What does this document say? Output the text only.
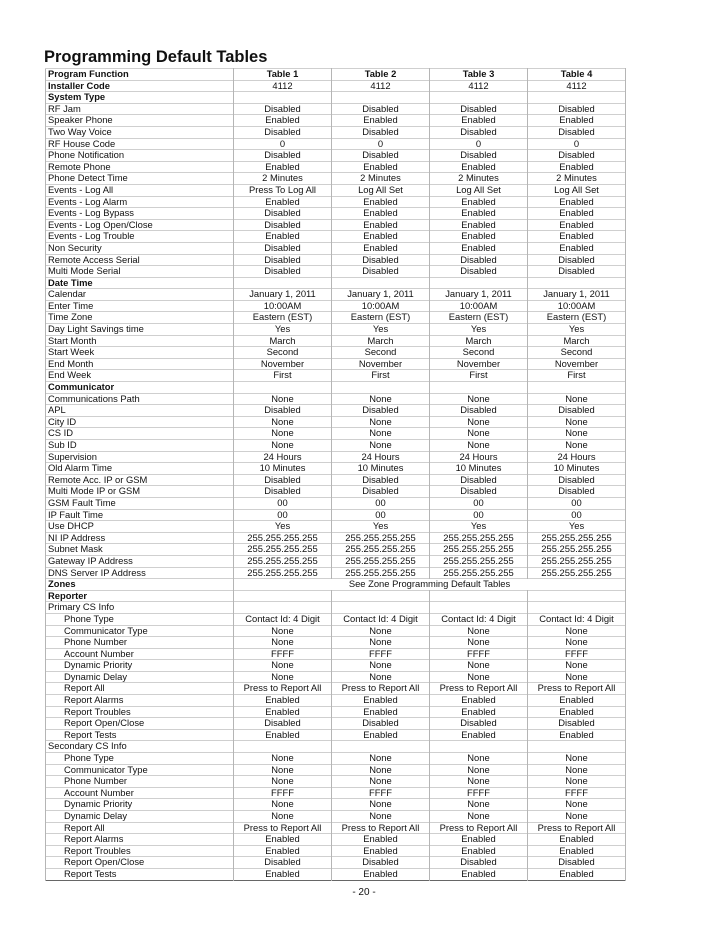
Programming Default Tables
Program Function	Table 1	Table 2	Table 3	Table 4
Installer Code	4112	4112	4112	4112
System Type				
RF Jam	Disabled	Disabled	Disabled	Disabled
Speaker Phone	Enabled	Enabled	Enabled	Enabled
Two Way Voice	Disabled	Disabled	Disabled	Disabled
RF House Code	0	0	0	0
Phone Notification	Disabled	Disabled	Disabled	Disabled
Remote Phone	Enabled	Enabled	Enabled	Enabled
Phone Detect Time	2 Minutes	2 Minutes	2 Minutes	2 Minutes
Events - Log All	Press To Log All	Log All Set	Log All Set	Log All Set
Events - Log Alarm	Enabled	Enabled	Enabled	Enabled
Events - Log Bypass	Disabled	Enabled	Enabled	Enabled
Events - Log Open/Close	Disabled	Enabled	Enabled	Enabled
Events - Log Trouble	Enabled	Enabled	Enabled	Enabled
Non Security	Disabled	Enabled	Enabled	Enabled
Remote Access Serial	Disabled	Disabled	Disabled	Disabled
Multi Mode Serial	Disabled	Disabled	Disabled	Disabled
Date Time				
Calendar	January 1, 2011	January 1, 2011	January 1, 2011	January 1, 2011
Enter Time	10:00AM	10:00AM	10:00AM	10:00AM
Time Zone	Eastern (EST)	Eastern (EST)	Eastern (EST)	Eastern (EST)
Day Light Savings time	Yes	Yes	Yes	Yes
Start Month	March	March	March	March
Start Week	Second	Second	Second	Second
End Month	November	November	November	November
End Week	First	First	First	First
Communicator				
Communications Path	None	None	None	None
APL	Disabled	Disabled	Disabled	Disabled
City ID	None	None	None	None
CS ID	None	None	None	None
Sub ID	None	None	None	None
Supervision	24 Hours	24 Hours	24 Hours	24 Hours
Old Alarm Time	10 Minutes	10 Minutes	10 Minutes	10 Minutes
Remote Acc. IP or GSM	Disabled	Disabled	Disabled	Disabled
Multi Mode IP or GSM	Disabled	Disabled	Disabled	Disabled
GSM Fault Time	00	00	00	00
IP Fault Time	00	00	00	00
Use DHCP	Yes	Yes	Yes	Yes
NI IP Address	255.255.255.255	255.255.255.255	255.255.255.255	255.255.255.255
Subnet Mask	255.255.255.255	255.255.255.255	255.255.255.255	255.255.255.255
Gateway IP Address	255.255.255.255	255.255.255.255	255.255.255.255	255.255.255.255
DNS Server IP Address	255.255.255.255	255.255.255.255	255.255.255.255	255.255.255.255
Zones	See Zone Programming Default Tables			
Reporter				
Primary CS Info				
Phone Type	Contact Id: 4 Digit	Contact Id: 4 Digit	Contact Id: 4 Digit	Contact Id: 4 Digit
Communicator Type	None	None	None	None
Phone Number	None	None	None	None
Account Number	FFFF	FFFF	FFFF	FFFF
Dynamic Priority	None	None	None	None
Dynamic Delay	None	None	None	None
Report All	Press to Report All	Press to Report All	Press to Report All	Press to Report All
Report Alarms	Enabled	Enabled	Enabled	Enabled
Report Troubles	Enabled	Enabled	Enabled	Enabled
Report Open/Close	Disabled	Disabled	Disabled	Disabled
Report Tests	Enabled	Enabled	Enabled	Enabled
Secondary CS Info				
Phone Type	None	None	None	None
Communicator Type	None	None	None	None
Phone Number	None	None	None	None
Account Number	FFFF	FFFF	FFFF	FFFF
Dynamic Priority	None	None	None	None
Dynamic Delay	None	None	None	None
Report All	Press to Report All	Press to Report All	Press to Report All	Press to Report All
Report Alarms	Enabled	Enabled	Enabled	Enabled
Report Troubles	Enabled	Enabled	Enabled	Enabled
Report Open/Close	Disabled	Disabled	Disabled	Disabled
Report Tests	Enabled	Enabled	Enabled	Enabled
- 20 -
